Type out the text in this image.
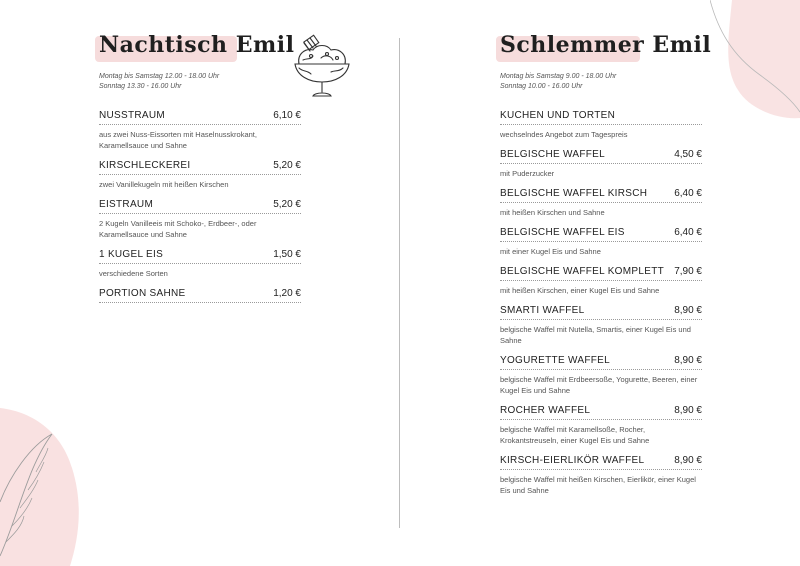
Nachtisch Emil
Montag bis Samstag 12.00 - 18.00 Uhr
Sonntag 13.30 - 16.00 Uhr
NUSSTRAUM	6,10 €
aus zwei Nuss-Eissorten mit Haselnusskrokant, Karamellsauce und Sahne
KIRSCHLECKEREI	5,20 €
zwei Vanillekugeln mit heißen Kirschen
EISTRAUM	5,20 €
2 Kugeln Vanilleeis mit Schoko-, Erdbeer-, oder Karamellsauce und Sahne
1 KUGEL EIS	1,50 €
verschiedene Sorten
PORTION SAHNE	1,20 €
Schlemmer Emil
Montag bis Samstag 9.00 - 18.00 Uhr
Sonntag 10.00 - 16.00 Uhr
KUCHEN UND TORTEN
wechselndes Angebot zum Tagespreis
BELGISCHE WAFFEL	4,50 €
mit Puderzucker
BELGISCHE WAFFEL KIRSCH	6,40 €
mit heißen Kirschen und Sahne
BELGISCHE WAFFEL EIS	6,40 €
mit einer Kugel Eis und Sahne
BELGISCHE WAFFEL KOMPLETT 7,90 €
mit heißen Kirschen, einer Kugel Eis und Sahne
SMARTI WAFFEL	8,90 €
belgische Waffel mit Nutella, Smartis, einer Kugel Eis und Sahne
YOGURETTE WAFFEL	8,90 €
belgische Waffel mit Erdbeersoße, Yogurette, Beeren, einer Kugel Eis und Sahne
ROCHER WAFFEL	8,90 €
belgische Waffel mit Karamellsoße, Rocher, Krokantstreuseln, einer Kugel Eis und Sahne
KIRSCH-EIERLIKÖR WAFFEL	8,90 €
belgische Waffel mit heißen Kirschen, Eierlikör, einer Kugel Eis und Sahne
